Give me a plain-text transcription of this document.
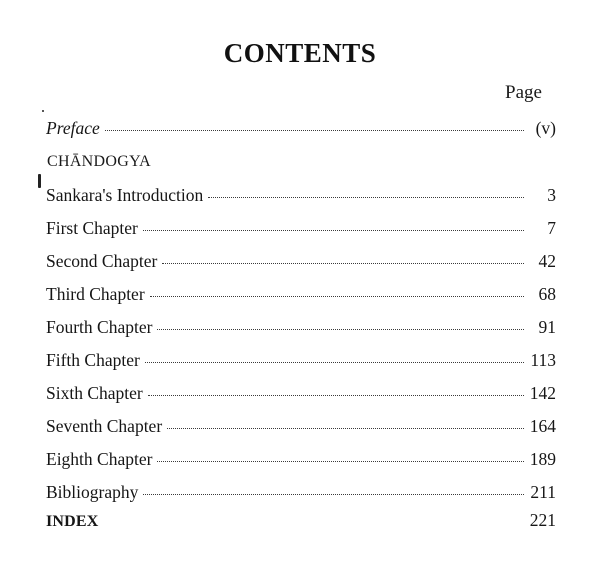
CONTENTS
Page
Preface	(v)
CHĀNDOGYA
Sankara's Introduction	3
First Chapter	7
Second Chapter	42
Third Chapter	68
Fourth Chapter	91
Fifth Chapter	113
Sixth Chapter	142
Seventh Chapter	164
Eighth Chapter	189
Bibliography	211
INDEX	221
